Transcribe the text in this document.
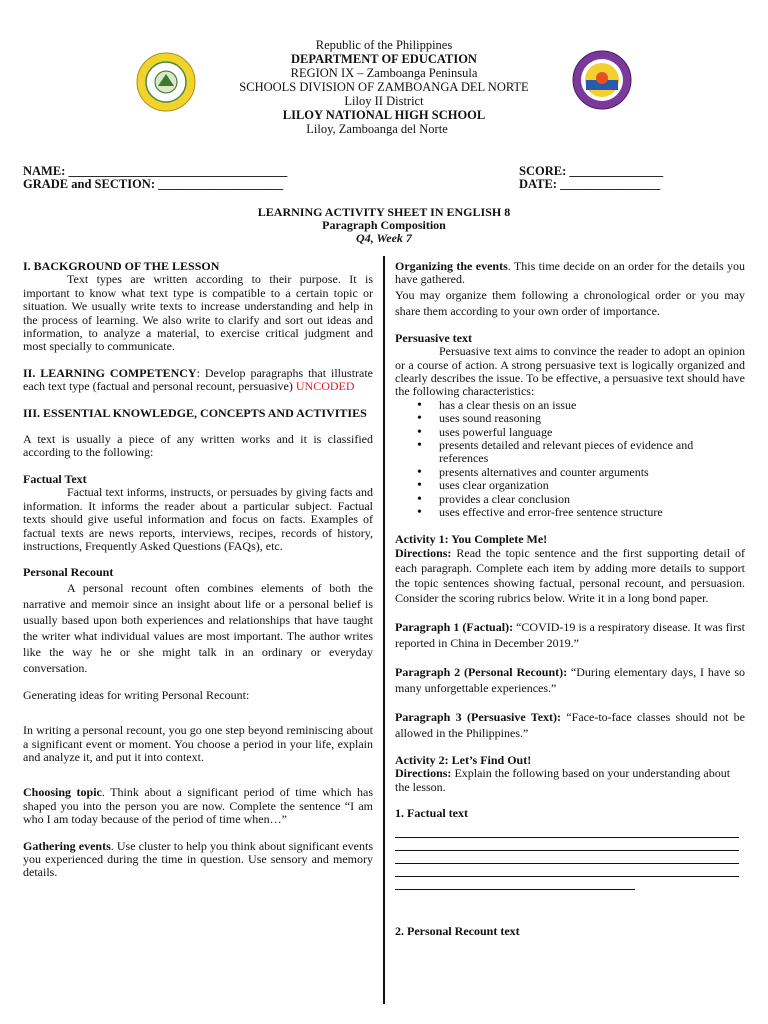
Republic of the Philippines
DEPARTMENT OF EDUCATION
REGION IX – Zamboanga Peninsula
SCHOOLS DIVISION OF ZAMBOANGA DEL NORTE
Liloy II District
LILOY NATIONAL HIGH SCHOOL
Liloy, Zamboanga del Norte
NAME: ___________________________________
GRADE and SECTION: ____________________
SCORE: _______________
DATE: ________________
LEARNING ACTIVITY SHEET IN ENGLISH 8
Paragraph Composition
Q4, Week 7

I. BACKGROUND OF THE LESSON

Text types are written according to their purpose. It is important to know what text type is compatible to a certain topic or situation. We usually write texts to increase understanding and help in the process of learning. We also write to clarify and sort out ideas and information, to analyze a material, to exercise critical judgment and most specially to communicate.

II. LEARNING COMPETENCY: Develop paragraphs that illustrate each text type (factual and personal recount, persuasive) UNCODED

III. ESSENTIAL KNOWLEDGE, CONCEPTS AND ACTIVITIES

A text is usually a piece of any written works and it is classified according to the following:

Factual Text

Factual text informs, instructs, or persuades by giving facts and information. It informs the reader about a particular subject. Factual texts should give useful information and focus on facts. Examples of factual texts are news reports, interviews, recipes, records of history, instructions, Frequently Asked Questions (FAQs), etc.

Personal Recount

A personal recount often combines elements of both the narrative and memoir since an insight about life or a personal belief is usually based upon both experiences and relationships that have taught the writer what individual values are most important. The author writes like the way he or she might talk in an ordinary or everyday conversation.

Generating ideas for writing Personal Recount:

In writing a personal recount, you go one step beyond reminiscing about a significant event or moment. You choose a period in your life, explain and analyze it, and put it into context.

Choosing topic. Think about a significant period of time which has shaped you into the person you are now. Complete the sentence “I am who I am today because of the period of time when…”

Gathering events. Use cluster to help you think about significant events you experienced during the time in question. Use sensory and memory details.

Organizing the events. This time decide on an order for the details you have gathered.

You may organize them following a chronological order or you may share them according to your own order of importance.

Persuasive text

Persuasive text aims to convince the reader to adopt an opinion or a course of action. A strong persuasive text is logically organized and clearly describes the issue. To be effective, a persuasive text should have the following characteristics:

• has a clear thesis on an issue
• uses sound reasoning
• uses powerful language
• presents detailed and relevant pieces of evidence and references
• presents alternatives and counter arguments
• uses clear organization
• provides a clear conclusion
• uses effective and error-free sentence structure

Activity 1: You Complete Me!

Directions: Read the topic sentence and the first supporting detail of each paragraph. Complete each item by adding more details to support the topic sentences showing factual, personal recount, and persuasion. Consider the scoring rubrics below. Write it in a long bond paper.

Paragraph 1 (Factual): “COVID-19 is a respiratory disease. It was first reported in China in December 2019.”

Paragraph 2 (Personal Recount): “During elementary days, I have so many unforgettable experiences.”

Paragraph 3 (Persuasive Text): “Face-to-face classes should not be allowed in the Philippines.”

Activity 2: Let’s Find Out!

Directions: Explain the following based on your understanding about the lesson.

1. Factual text

2. Personal Recount text
